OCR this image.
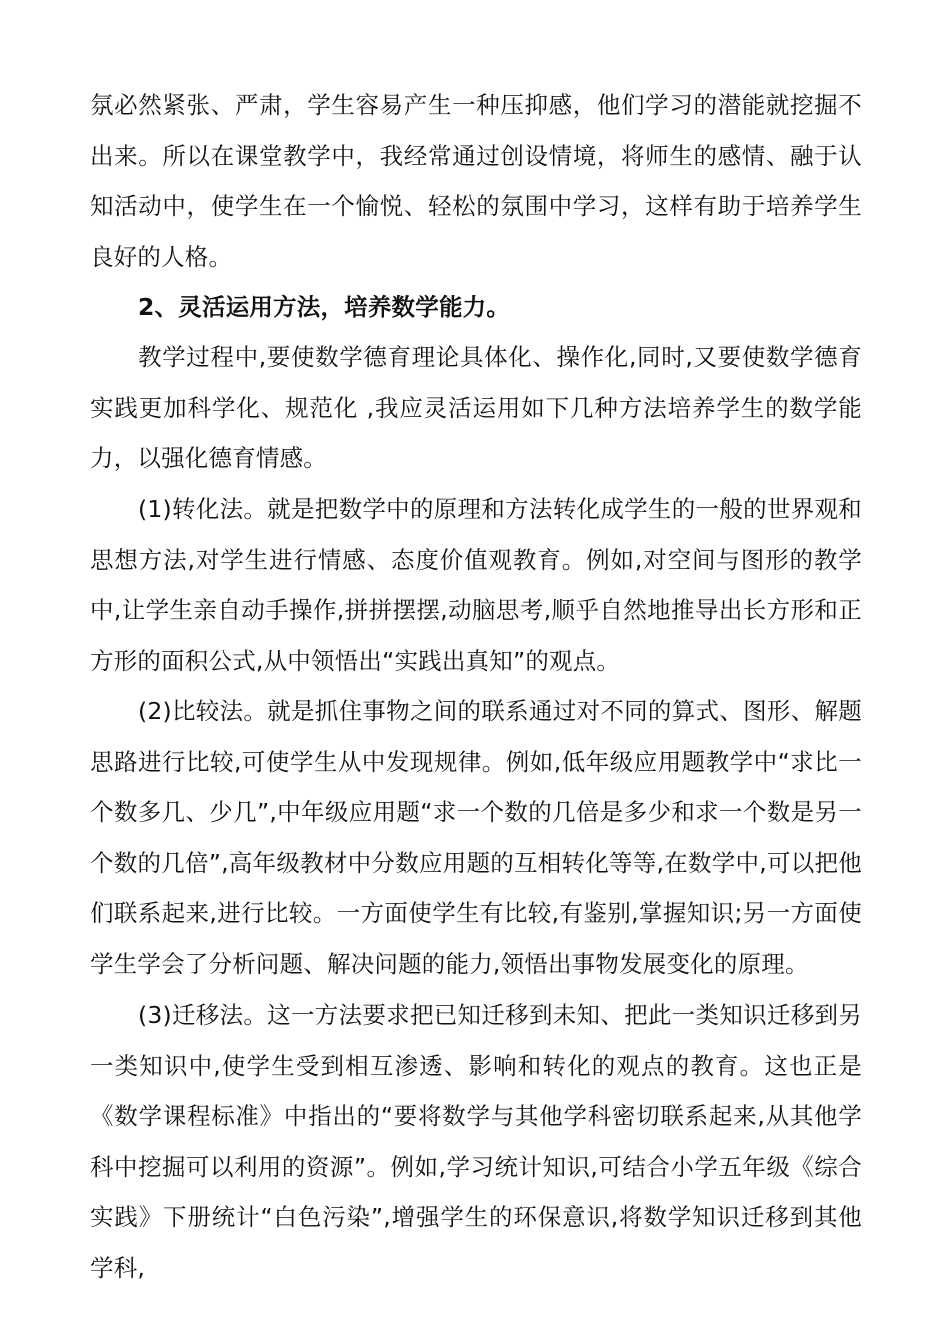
氛必然紧张、严肃，学生容易产生一种压抑感，他们学习的潜能就挖掘不出来。所以在课堂教学中，我经常通过创设情境，将师生的感情、融于认知活动中，使学生在一个愉悦、轻松的氛围中学习，这样有助于培养学生良好的人格。

2、灵活运用方法，培养数学能力。

教学过程中,要使数学德育理论具体化、操作化,同时,又要使数学德育实践更加科学化、规范化 ,我应灵活运用如下几种方法培养学生的数学能力，以强化德育情感。

(1)转化法。就是把数学中的原理和方法转化成学生的一般的世界观和思想方法,对学生进行情感、态度价值观教育。例如,对空间与图形的教学中,让学生亲自动手操作,拼拼摆摆,动脑思考,顺乎自然地推导出长方形和正方形的面积公式,从中领悟出“实践出真知”的观点。

(2)比较法。就是抓住事物之间的联系通过对不同的算式、图形、解题思路进行比较,可使学生从中发现规律。例如,低年级应用题教学中“求比一个数多几、少几”,中年级应用题“求一个数的几倍是多少和求一个数是另一个数的几倍”,高年级教材中分数应用题的互相转化等等,在数学中,可以把他们联系起来,进行比较。一方面使学生有比较,有鉴别,掌握知识;另一方面使学生学会了分析问题、解决问题的能力,领悟出事物发展变化的原理。

(3)迁移法。这一方法要求把已知迁移到未知、把此一类知识迁移到另一类知识中,使学生受到相互渗透、影响和转化的观点的教育。这也正是《数学课程标准》中指出的“要将数学与其他学科密切联系起来,从其他学科中挖掘可以利用的资源”。例如,学习统计知识,可结合小学五年级《综合实践》下册统计“白色污染”,增强学生的环保意识,将数学知识迁移到其他学科,
